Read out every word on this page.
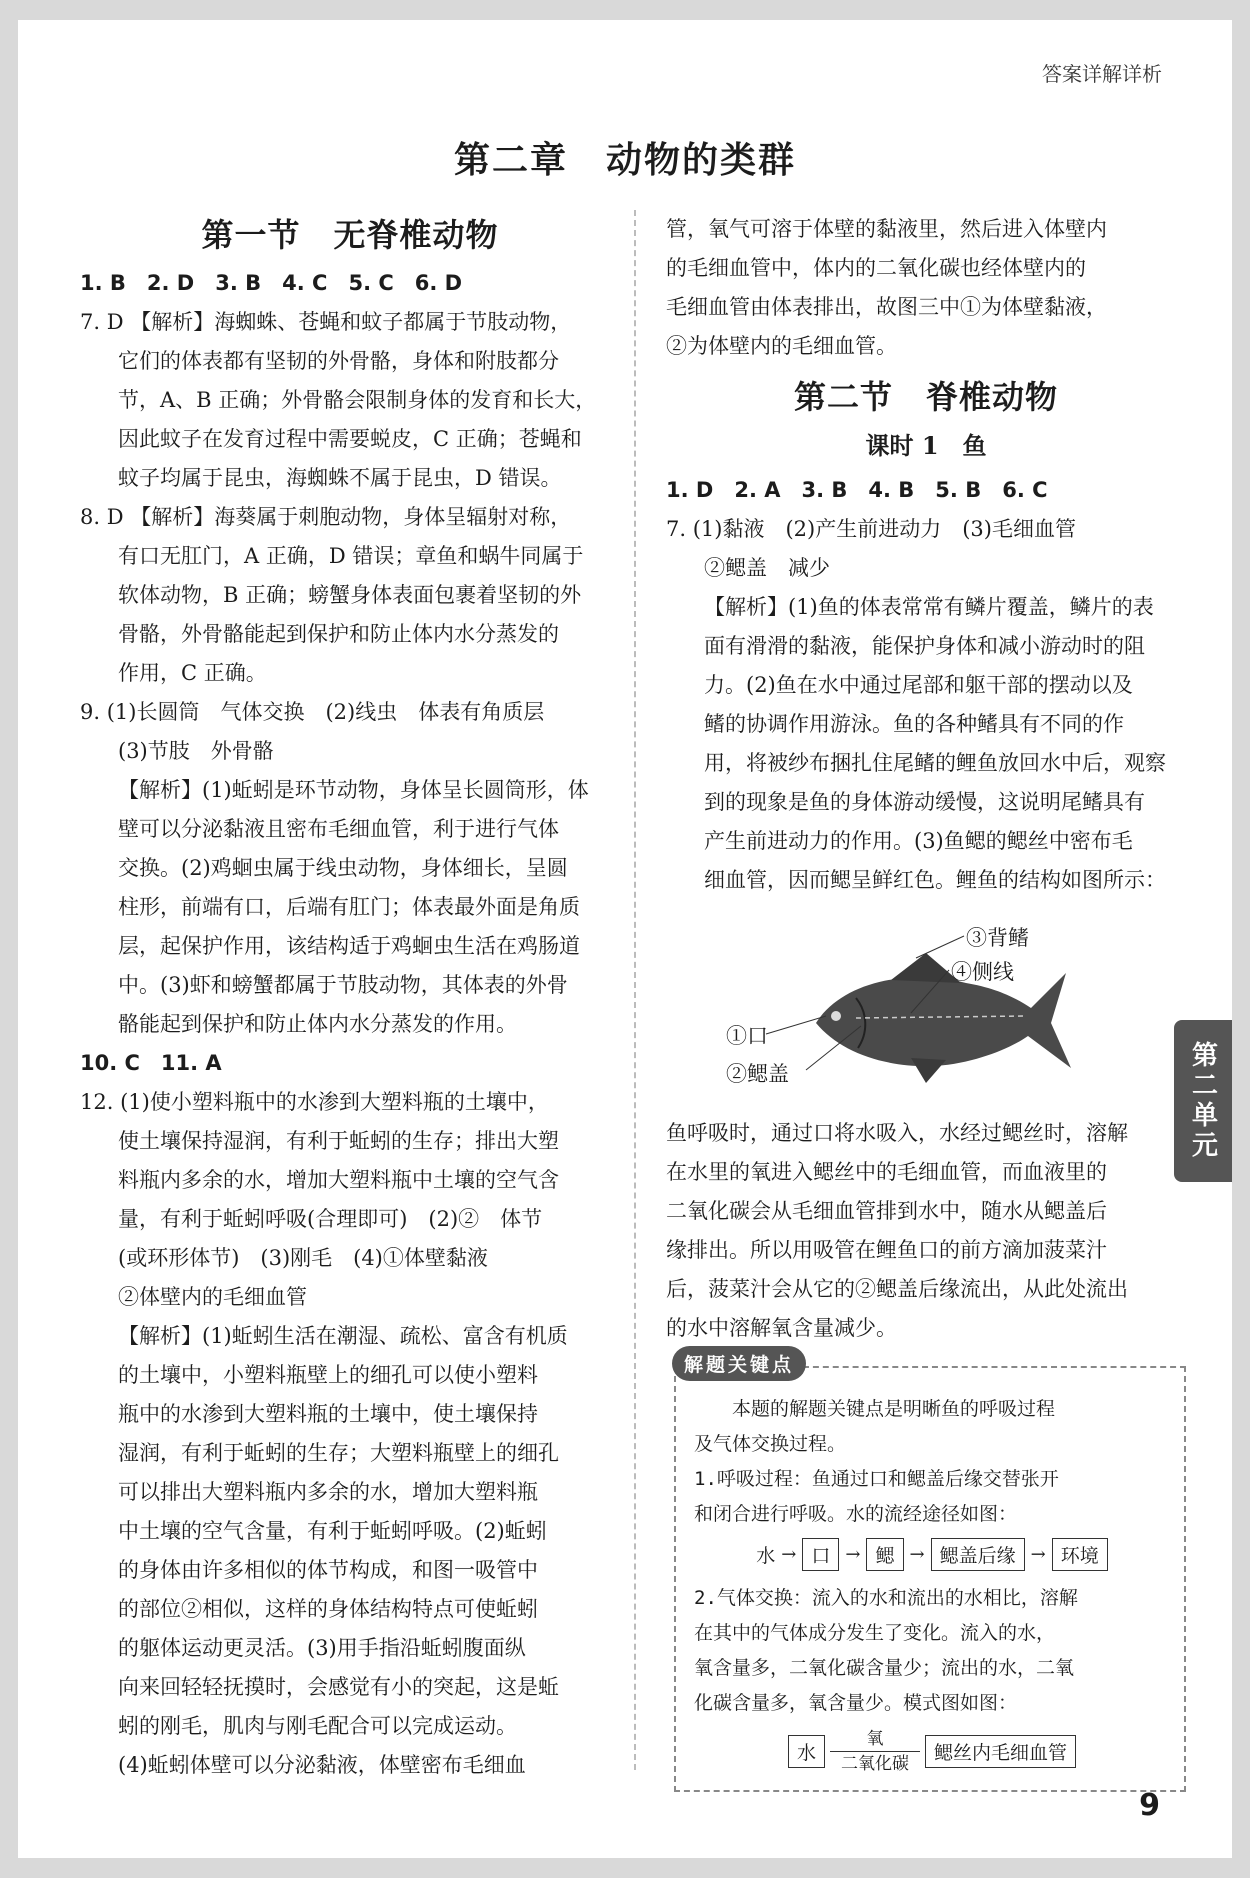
答案详解详析
第二章　动物的类群
第一节　无脊椎动物
1. B　2. D　3. B　4. C　5. C　6. D
7. D 【解析】海蜘蛛、苍蝇和蚊子都属于节肢动物，
它们的体表都有坚韧的外骨骼，身体和附肢都分
节，A、B 正确；外骨骼会限制身体的发育和长大，
因此蚊子在发育过程中需要蜕皮，C 正确；苍蝇和
蚊子均属于昆虫，海蜘蛛不属于昆虫，D 错误。
8. D 【解析】海葵属于刺胞动物，身体呈辐射对称，
有口无肛门，A 正确，D 错误；章鱼和蜗牛同属于
软体动物，B 正确；螃蟹身体表面包裹着坚韧的外
骨骼，外骨骼能起到保护和防止体内水分蒸发的
作用，C 正确。
9. (1)长圆筒　气体交换　(2)线虫　体表有角质层
(3)节肢　外骨骼
【解析】(1)蚯蚓是环节动物，身体呈长圆筒形，体
壁可以分泌黏液且密布毛细血管，利于进行气体
交换。(2)鸡蛔虫属于线虫动物，身体细长，呈圆
柱形，前端有口，后端有肛门；体表最外面是角质
层，起保护作用，该结构适于鸡蛔虫生活在鸡肠道
中。(3)虾和螃蟹都属于节肢动物，其体表的外骨
骼能起到保护和防止体内水分蒸发的作用。
10. C　11. A
12. (1)使小塑料瓶中的水渗到大塑料瓶的土壤中，
使土壤保持湿润，有利于蚯蚓的生存；排出大塑
料瓶内多余的水，增加大塑料瓶中土壤的空气含
量，有利于蚯蚓呼吸(合理即可)　(2)②　体节
(或环形体节)　(3)刚毛　(4)①体壁黏液
②体壁内的毛细血管
【解析】(1)蚯蚓生活在潮湿、疏松、富含有机质
的土壤中，小塑料瓶壁上的细孔可以使小塑料
瓶中的水渗到大塑料瓶的土壤中，使土壤保持
湿润，有利于蚯蚓的生存；大塑料瓶壁上的细孔
可以排出大塑料瓶内多余的水，增加大塑料瓶
中土壤的空气含量，有利于蚯蚓呼吸。(2)蚯蚓
的身体由许多相似的体节构成，和图一吸管中
的部位②相似，这样的身体结构特点可使蚯蚓
的躯体运动更灵活。(3)用手指沿蚯蚓腹面纵
向来回轻轻抚摸时，会感觉有小的突起，这是蚯
蚓的刚毛，肌肉与刚毛配合可以完成运动。
(4)蚯蚓体壁可以分泌黏液，体壁密布毛细血
管，氧气可溶于体壁的黏液里，然后进入体壁内
的毛细血管中，体内的二氧化碳也经体壁内的
毛细血管由体表排出，故图三中①为体壁黏液，
②为体壁内的毛细血管。
第二节　脊椎动物
课时 1　鱼
1. D　2. A　3. B　4. B　5. B　6. C
7. (1)黏液　(2)产生前进动力　(3)毛细血管
②鳃盖　减少
【解析】(1)鱼的体表常常有鳞片覆盖，鳞片的表
面有滑滑的黏液，能保护身体和减小游动时的阻
力。(2)鱼在水中通过尾部和躯干部的摆动以及
鳍的协调作用游泳。鱼的各种鳍具有不同的作
用，将被纱布捆扎住尾鳍的鲤鱼放回水中后，观察
到的现象是鱼的身体游动缓慢，这说明尾鳍具有
产生前进动力的作用。(3)鱼鳃的鳃丝中密布毛
细血管，因而鳃呈鲜红色。鲤鱼的结构如图所示：
③背鳍
④侧线
①口
②鳃盖
鱼呼吸时，通过口将水吸入，水经过鳃丝时，溶解
在水里的氧进入鳃丝中的毛细血管，而血液里的
二氧化碳会从毛细血管排到水中，随水从鳃盖后
缘排出。所以用吸管在鲤鱼口的前方滴加菠菜汁
后，菠菜汁会从它的②鳃盖后缘流出，从此处流出
的水中溶解氧含量减少。
解题关键点
　　本题的解题关键点是明晰鱼的呼吸过程
及气体交换过程。
1.呼吸过程：鱼通过口和鳃盖后缘交替张开
和闭合进行呼吸。水的流经途径如图：
水 → 口 → 鳃 → 鳃盖后缘 → 环境
2.气体交换：流入的水和流出的水相比，溶解
在其中的气体成分发生了变化。流入的水，
氧含量多，二氧化碳含量少；流出的水，二氧
化碳含量多，氧含量少。模式图如图：
水
氧
二氧化碳	鳃丝内毛细血管
第二单元
9
